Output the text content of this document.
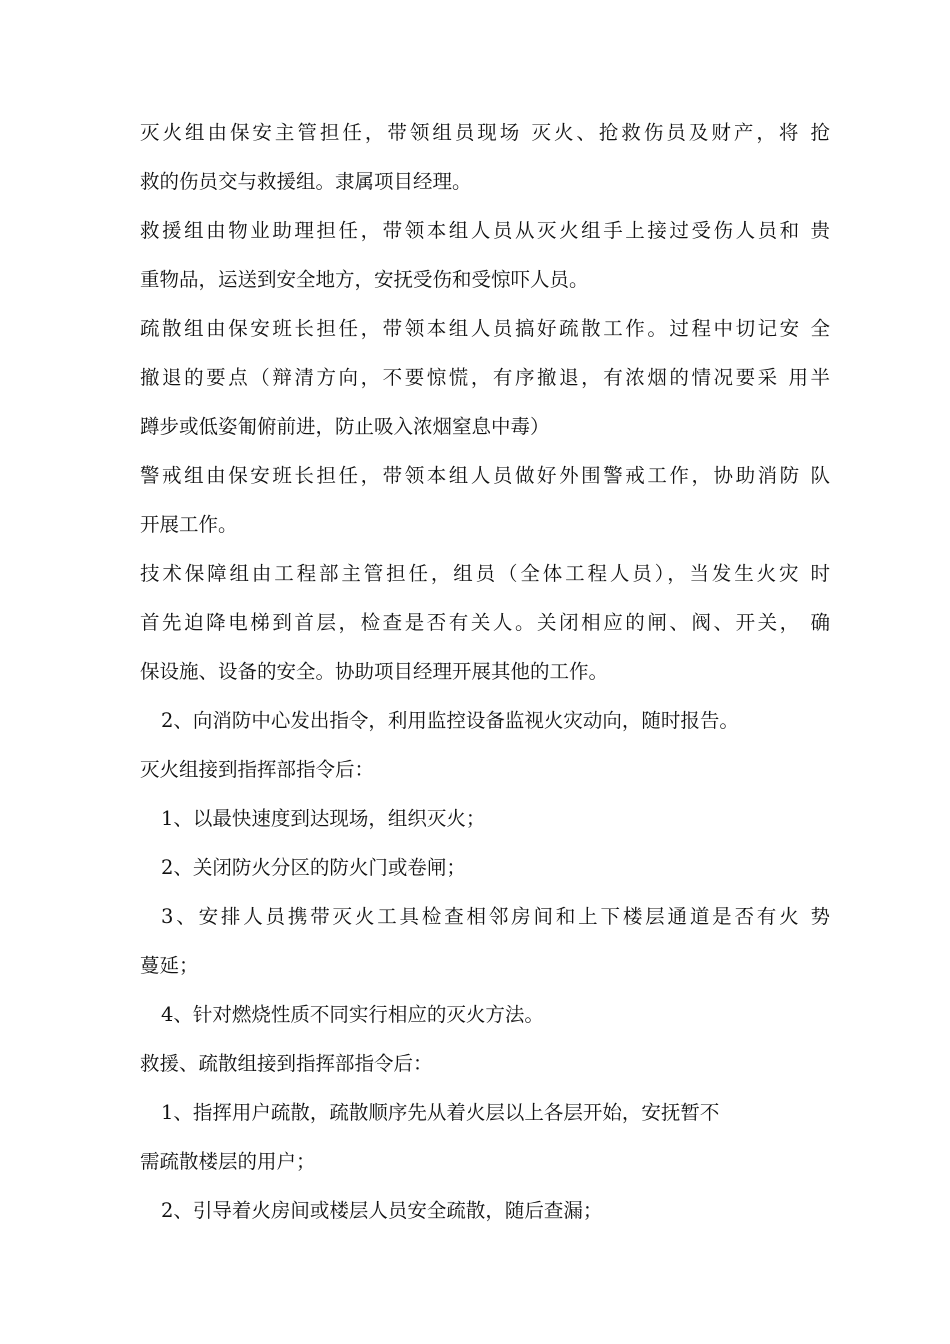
灭火组由保安主管担任，带领组员现场 灭火、抢救伤员及财产，将 抢

救的伤员交与救援组。隶属项目经理。

救援组由物业助理担任，带领本组人员从灭火组手上接过受伤人员和 贵

重物品，运送到安全地方，安抚受伤和受惊吓人员。

疏散组由保安班长担任，带领本组人员搞好疏散工作。过程中切记安 全

撤退的要点（辩清方向，不要惊慌，有序撤退，有浓烟的情况要采 用半

蹲步或低姿匍俯前进，防止吸入浓烟窒息中毒）

警戒组由保安班长担任，带领本组人员做好外围警戒工作，协助消防 队

开展工作。

技术保障组由工程部主管担任，组员（全体工程人员），当发生火灾 时

首先迫降电梯到首层，检查是否有关人。关闭相应的闸、阀、开关， 确

保设施、设备的安全。协助项目经理开展其他的工作。

2、向消防中心发出指令，利用监控设备监视火灾动向，随时报告。

灭火组接到指挥部指令后：

1、以最快速度到达现场，组织灭火；

2、关闭防火分区的防火门或卷闸；

3、安排人员携带灭火工具检查相邻房间和上下楼层通道是否有火 势

蔓延；

4、针对燃烧性质不同实行相应的灭火方法。

救援、疏散组接到指挥部指令后：

1、指挥用户疏散，疏散顺序先从着火层以上各层开始，安抚暂不

需疏散楼层的用户；

2、引导着火房间或楼层人员安全疏散，随后查漏；
